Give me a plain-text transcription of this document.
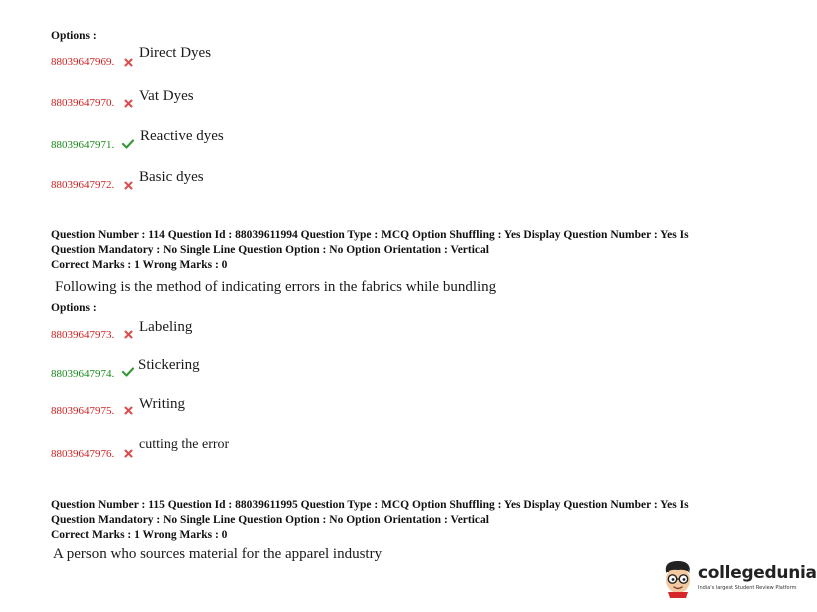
Options :
88039647969.
Direct Dyes
88039647970. Vat Dyes
88039647971.
Reactive dyes
88039647972. Basic dyes
Question Number : 114 Question Id : 88039611994 Question Type : MCQ Option Shuffling : Yes Display Question Number : Yes Is
Question Mandatory : No Single Line Question Option : No Option Orientation : Vertical
Correct Marks : 1 Wrong Marks : 0
Following is the method of indicating errors in the fabrics while bundling
Options :
88039647973. Labeling
88039647974.
Stickering
88039647975. Writing
88039647976.
cutting the error
Question Number : 115 Question Id : 88039611995 Question Type : MCQ Option Shuffling : Yes Display Question Number : Yes Is
Question Mandatory : No Single Line Question Option : No Option Orientation : Vertical
Correct Marks : 1 Wrong Marks : 0
A person who sources material for the apparel industry
collegedunia
India's largest Student Review Platform
